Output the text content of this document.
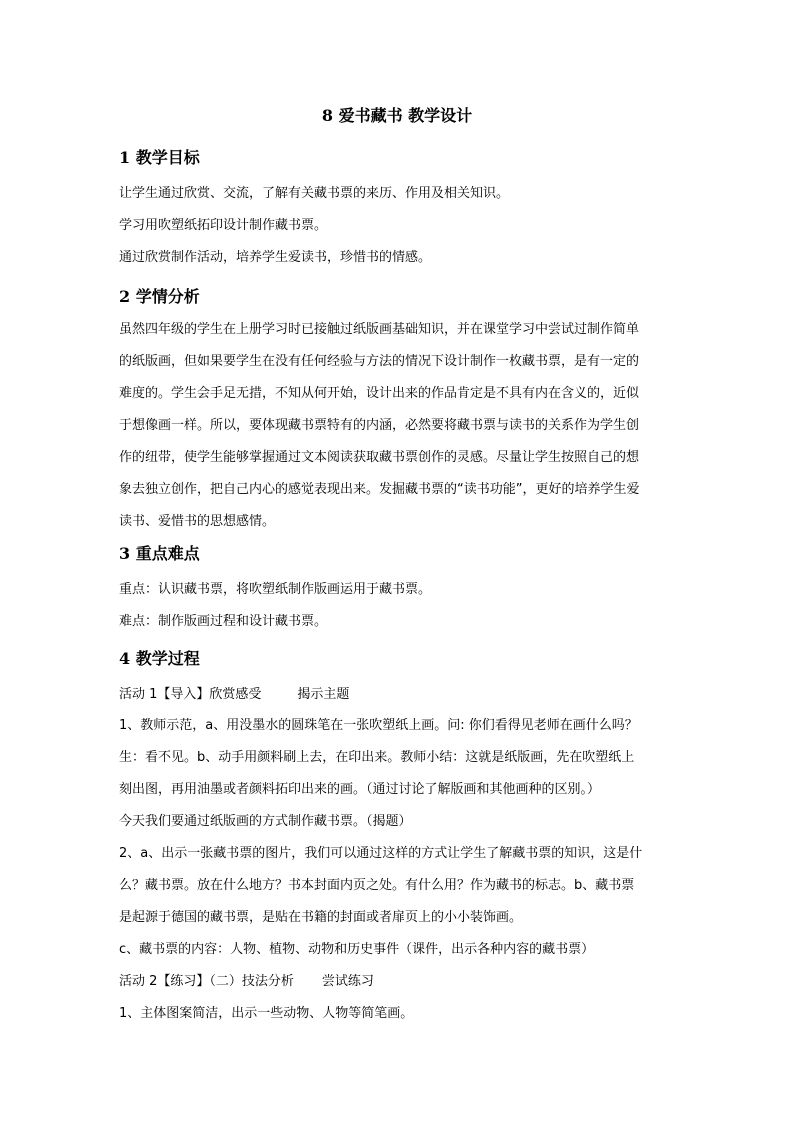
8 爱书藏书 教学设计
1 教学目标
让学生通过欣赏、交流，了解有关藏书票的来历、作用及相关知识。
学习用吹塑纸拓印设计制作藏书票。
通过欣赏制作活动，培养学生爱读书，珍惜书的情感。
2 学情分析
虽然四年级的学生在上册学习时已接触过纸版画基础知识，并在课堂学习中尝试过制作简单
的纸版画，但如果要学生在没有任何经验与方法的情况下设计制作一枚藏书票，是有一定的
难度的。学生会手足无措，不知从何开始，设计出来的作品肯定是不具有内在含义的，近似
于想像画一样。所以，要体现藏书票特有的内涵，必然要将藏书票与读书的关系作为学生创
作的纽带，使学生能够掌握通过文本阅读获取藏书票创作的灵感。尽量让学生按照自己的想
象去独立创作，把自己内心的感觉表现出来。发掘藏书票的“读书功能”，更好的培养学生爱
读书、爱惜书的思想感情。
3 重点难点
重点：认识藏书票，将吹塑纸制作版画运用于藏书票。
难点：制作版画过程和设计藏书票。
4 教学过程
活动 1【导入】欣赏感受	揭示主题
1、教师示范，a、用没墨水的圆珠笔在一张吹塑纸上画。问: 你们看得见老师在画什么吗？
生：看不见。b、动手用颜料刷上去，在印出来。教师小结：这就是纸版画，先在吹塑纸上
刻出图，再用油墨或者颜料拓印出来的画。（通过讨论了解版画和其他画种的区别。）
今天我们要通过纸版画的方式制作藏书票。（揭题）
2、a、出示一张藏书票的图片，我们可以通过这样的方式让学生了解藏书票的知识，这是什
么？藏书票。放在什么地方？书本封面内页之处。有什么用？作为藏书的标志。b、藏书票
是起源于德国的藏书票，是贴在书籍的封面或者扉页上的小小装饰画。
c、藏书票的内容：人物、植物、动物和历史事件（课件，出示各种内容的藏书票）
活动 2【练习】（二）技法分析 尝试练习
1、主体图案简洁，出示一些动物、人物等简笔画。
